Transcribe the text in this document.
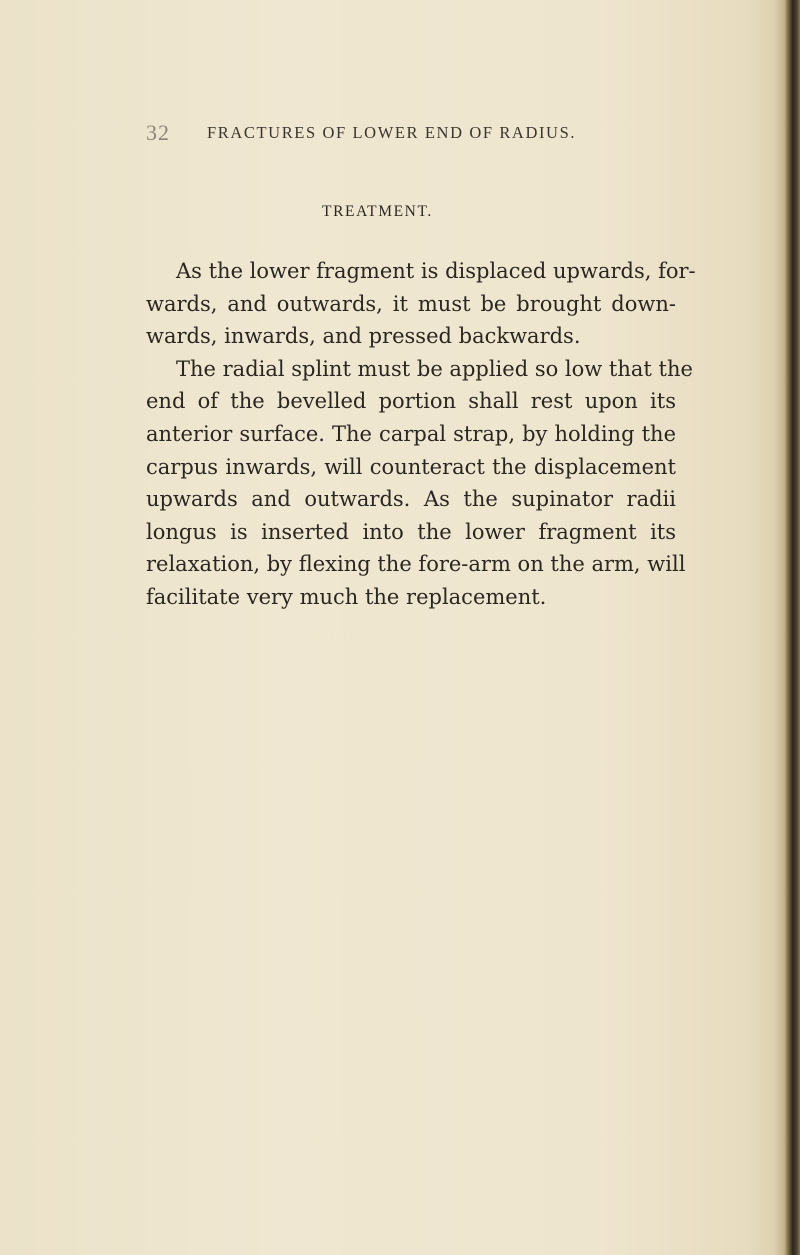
32 FRACTURES OF LOWER END OF RADIUS.
TREATMENT.
As the lower fragment is displaced upwards, for-
wards, and outwards, it must be brought down-
wards, inwards, and pressed backwards.
The radial splint must be applied so low that the
end of the bevelled portion shall rest upon its
anterior surface. The carpal strap, by holding the
carpus inwards, will counteract the displacement
upwards and outwards. As the supinator radii
longus is inserted into the lower fragment its
relaxation, by flexing the fore-arm on the arm, will
facilitate very much the replacement.
